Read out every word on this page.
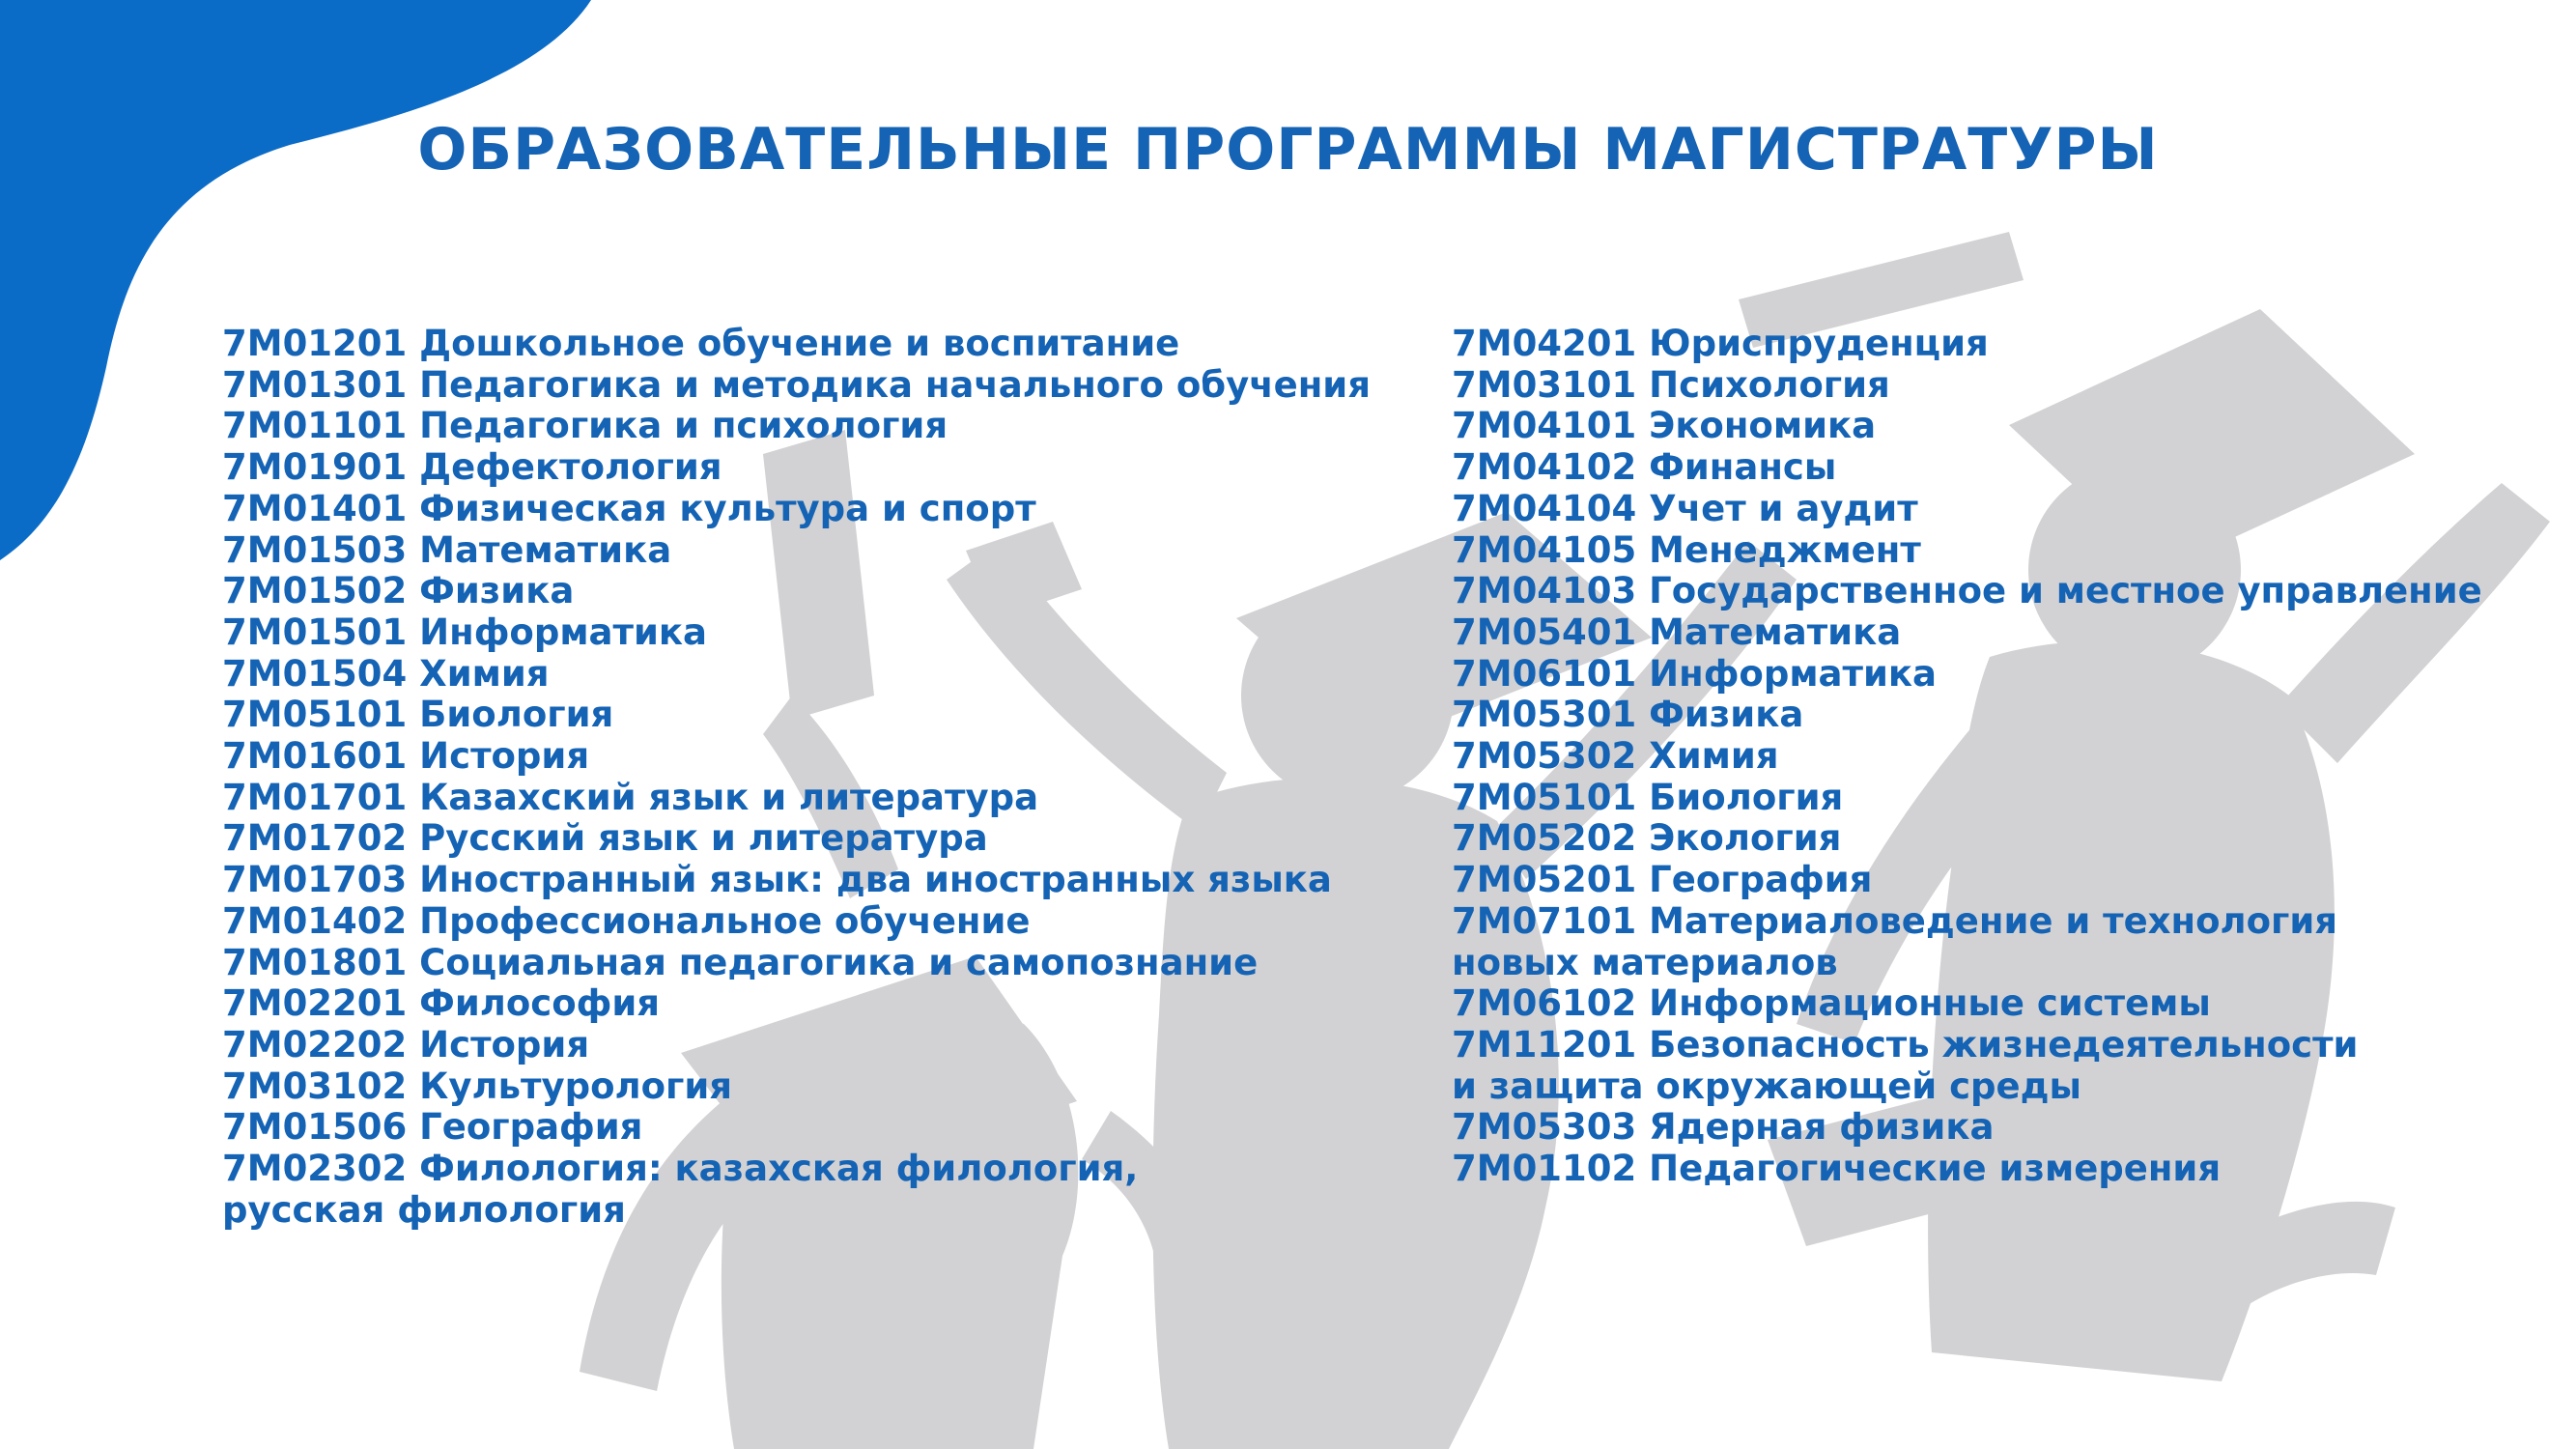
ОБРАЗОВАТЕЛЬНЫЕ ПРОГРАММЫ МАГИСТРАТУРЫ
7M01201 Дошкольное обучение и воспитание
7M01301 Педагогика и методика начального обучения
7M01101 Педагогика и психология
7M01901 Дефектология
7M01401 Физическая культура и спорт
7M01503 Математика
7M01502 Физика
7M01501 Информатика
7M01504 Химия
7M05101 Биология
7M01601 История
7M01701 Казахский язык и литература
7M01702 Русский язык и литература
7M01703 Иностранный язык: два иностранных языка
7M01402 Профессиональное обучение
7M01801 Социальная педагогика и самопознание
7M02201 Философия
7M02202 История
7M03102 Культурология
7M01506 География
7M02302 Филология: казахская филология,
русская филология
7M04201 Юриспруденция
7M03101 Психология
7M04101 Экономика
7M04102 Финансы
7M04104 Учет и аудит
7M04105 Менеджмент
7M04103 Государственное и местное управление
7M05401 Математика
7M06101 Информатика
7M05301 Физика
7M05302 Химия
7M05101 Биология
7M05202 Экология
7M05201 География
7M07101 Материаловедение и технология
новых материалов
7M06102 Информационные системы
7M11201 Безопасность жизнедеятельности
и защита окружающей среды
7M05303 Ядерная физика
7M01102 Педагогические измерения
